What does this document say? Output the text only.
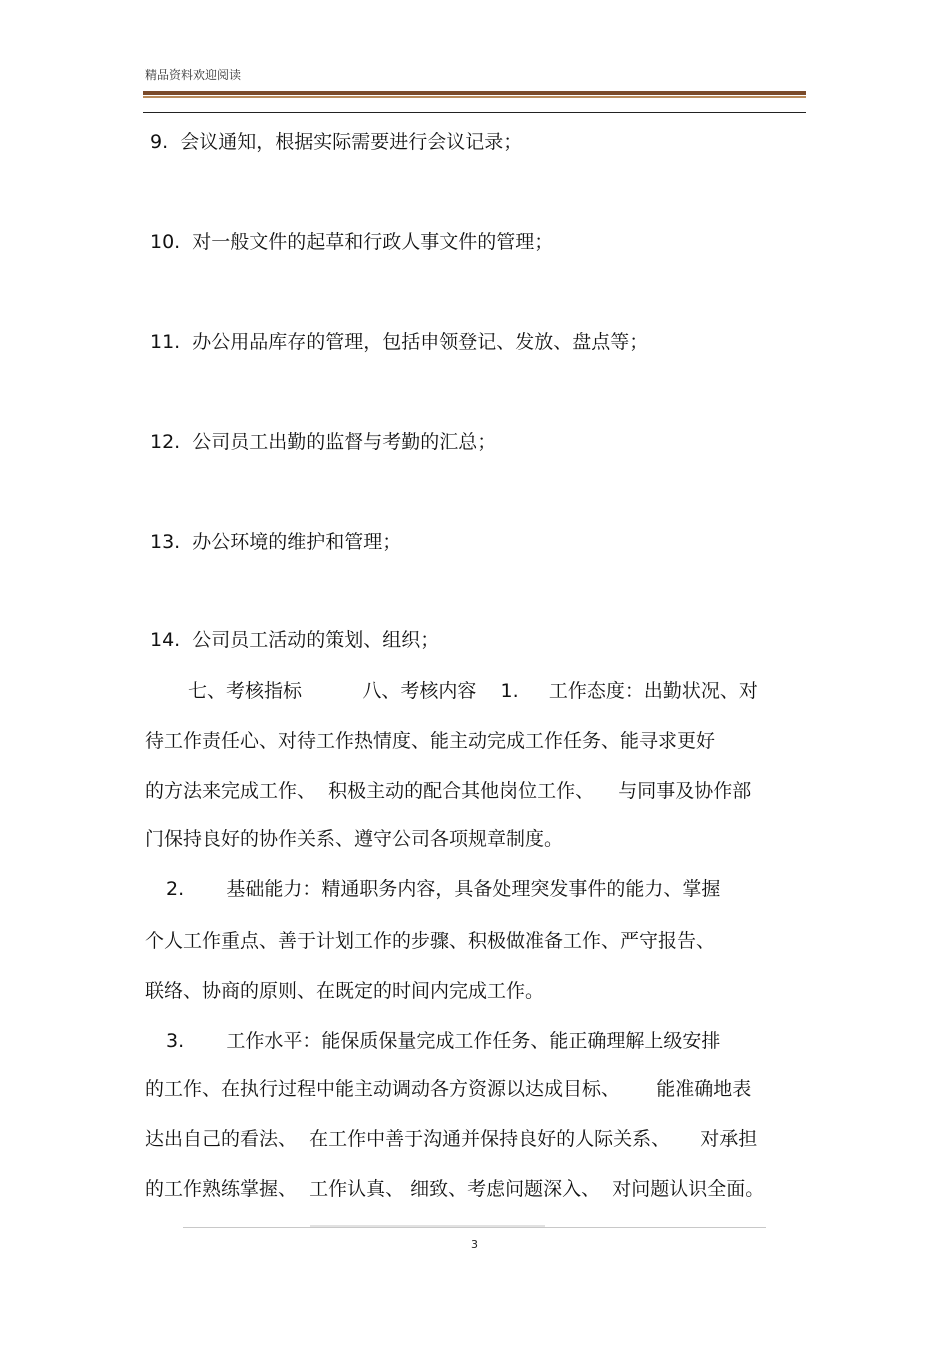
精品资料欢迎阅读
9.  会议通知，根据实际需要进行会议记录；
10.  对一般文件的起草和行政人事文件的管理；
11.  办公用品库存的管理，包括申领登记、发放、盘点等；
12.  公司员工出勤的监督与考勤的汇总；
13.  办公环境的维护和管理；
14.  公司员工活动的策划、组织；
七、考核指标          八、考核内容    1.     工作态度：出勤状况、对
待工作责任心、对待工作热情度、能主动完成工作任务、能寻求更好
的方法来完成工作、  积极主动的配合其他岗位工作、    与同事及协作部
门保持良好的协作关系、遵守公司各项规章制度。
2.       基础能力：精通职务内容，具备处理突发事件的能力、掌握
个人工作重点、善于计划工作的步骤、积极做准备工作、严守报告、
联络、协商的原则、在既定的时间内完成工作。
3.       工作水平：能保质保量完成工作任务、能正确理解上级安排
的工作、在执行过程中能主动调动各方资源以达成目标、      能准确地表
达出自己的看法、  在工作中善于沟通并保持良好的人际关系、     对承担
的工作熟练掌握、  工作认真、 细致、考虑问题深入、  对问题认识全面。
3
